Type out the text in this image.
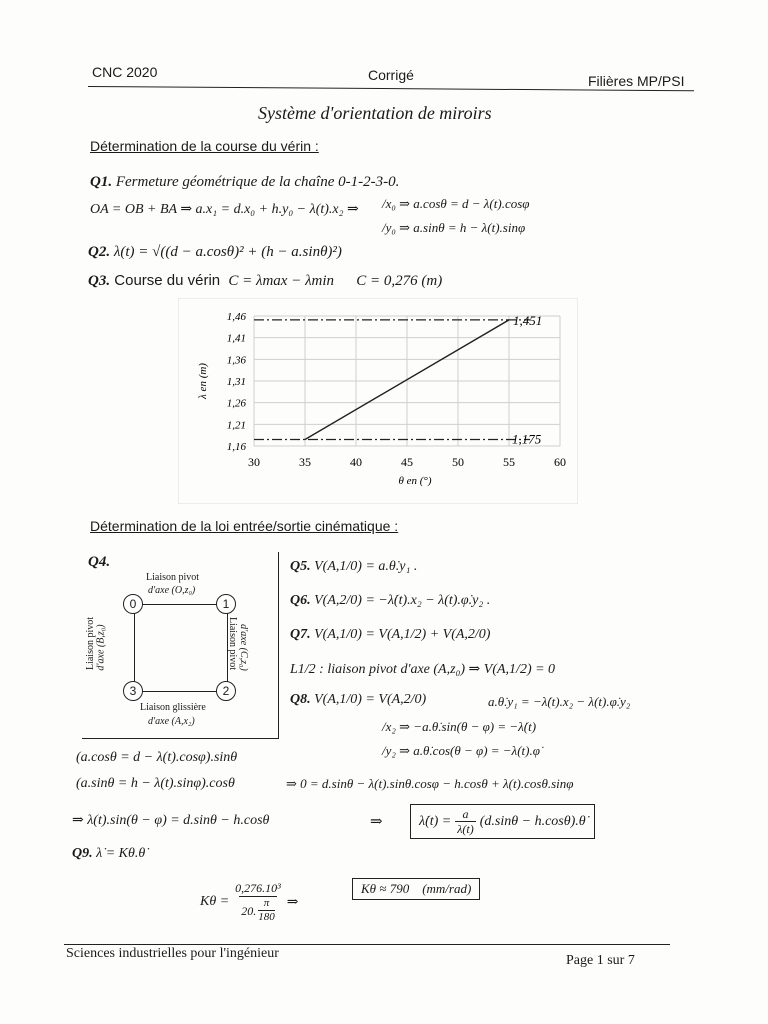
CNC 2020	Corrigé	Filières MP/PSI
Système d'orientation de miroirs
Détermination de la course du vérin :
Q1. Fermeture géométrique de la chaîne 0-1-2-3-0.
OA = OB + BA ⇒ a.x₁ = d.x₀ + h.y₀ − λ(t).x₂ ⇒ /x₀ ⇒ a.cosθ = d − λ(t).cosφ
/y₀ ⇒ a.sinθ = h − λ(t).sinφ
Q2. λ(t) = √((d − a.cosθ)² + (h − a.sinθ)²)
Q3. Course du vérin C = λmax − λmin C = 0,276 (m)
1,16
1,21
1,26
1,31
1,36
1,41
1,46
30	35	40	45	50	55	60
1,451
1,175
θ en (°)
λ en (m)
Détermination de la loi entrée/sortie cinématique :
Q4.
Liaison pivot
d'axe (O,z₀)
0	1
2
3
Liaison pivot d'axe (B,z₀)	Liaison pivot d'axe (C,z₀)
Liaison glissière
d'axe (A,x₂)
Q5. V(A,1/0) = a.θ̇.y₁ .
Q6. V(A,2/0) = −λ̇(t).x₂ − λ(t).φ̇.y₂ .
Q7. V(A,1/0) = V(A,1/2) + V(A,2/0)
L1/2 : liaison pivot d'axe (A,z₀) ⇒ V(A,1/2) = 0
Q8. V(A,1/0) = V(A,2/0)	a.θ̇.y₁ = −λ̇(t).x₂ − λ(t).φ̇.y₂
/x₂ ⇒ −a.θ̇.sin(θ − φ) = −λ̇(t)
/y₂ ⇒ a.θ̇.cos(θ − φ) = −λ(t).φ̇
(a.cosθ = d − λ(t).cosφ).sinθ
(a.sinθ = h − λ(t).sinφ).cosθ	⇒ 0 = d.sinθ − λ(t).sinθ.cosφ − h.cosθ + λ(t).cosθ.sinφ
⇒ λ(t).sin(θ − φ) = d.sinθ − h.cosθ	⇒	λ̇(t) = $\frac{a}{\lambda(t)} (d.\sin\theta$ − h.cosθ).θ̇
Q9. λ̇ = Kθ.θ̇
Kθ = 0,276.10³
20.
π
180 ⇒
Kθ ≈ 790    (mm/rad)
Sciences industrielles pour l'ingénieur	Page 1 sur 7
